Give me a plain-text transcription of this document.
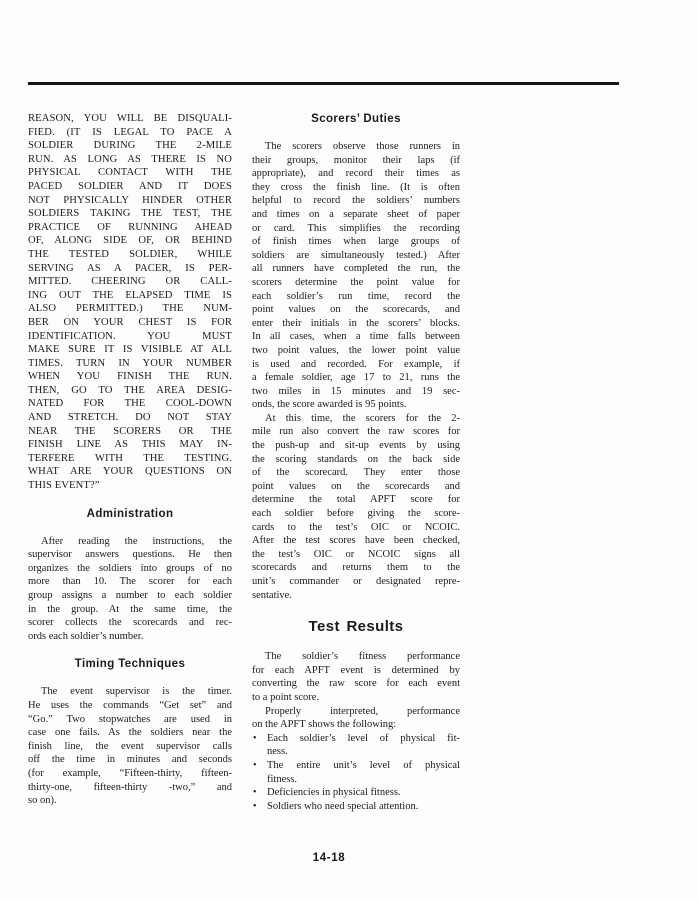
REASON, YOU WILL BE DISQUALI-
FIED. (IT IS LEGAL TO PACE A
SOLDIER DURING THE 2-MILE
RUN. AS LONG AS THERE IS NO
PHYSICAL CONTACT WITH THE
PACED SOLDIER AND IT DOES
NOT PHYSICALLY HINDER OTHER
SOLDIERS TAKING THE TEST, THE
PRACTICE OF RUNNING AHEAD
OF, ALONG SIDE OF, OR BEHIND
THE TESTED SOLDIER, WHILE
SERVING AS A PACER, IS PER-
MITTED. CHEERING OR CALL-
ING OUT THE ELAPSED TIME IS
ALSO PERMITTED.) THE NUM-
BER ON YOUR CHEST IS FOR
IDENTIFICATION. YOU MUST
MAKE SURE IT IS VISIBLE AT ALL
TIMES. TURN IN YOUR NUMBER
WHEN YOU FINISH THE RUN.
THEN, GO TO THE AREA DESIG-
NATED FOR THE COOL-DOWN
AND STRETCH. DO NOT STAY
NEAR THE SCORERS OR THE
FINISH LINE AS THIS MAY IN-
TERFERE WITH THE TESTING.
WHAT ARE YOUR QUESTIONS ON
THIS EVENT?”
Administration
After reading the instructions, the
supervisor answers questions. He then
organizes the soldiers into groups of no
more than 10. The scorer for each
group assigns a number to each soldier
in the group. At the same time, the
scorer collects the scorecards and rec-
ords each soldier’s number.
Timing Techniques
The event supervisor is the timer.
He uses the commands “Get set” and
“Go.” Two stopwatches are used in
case one fails. As the soldiers near the
finish line, the event supervisor calls
off the time in minutes and seconds
(for example, “Fifteen-thirty, fifteen-
thirty-one, fifteen-thirty -two,” and
so on).
Scorers’ Duties
The scorers observe those runners in
their groups, monitor their laps (if
appropriate), and record their times as
they cross the finish line. (It is often
helpful to record the soldiers’ numbers
and times on a separate sheet of paper
or card. This simplifies the recording
of finish times when large groups of
soldiers are simultaneously tested.) After
all runners have completed the run, the
scorers determine the point value for
each soldier’s run time, record the
point values on the scorecards, and
enter their initials in the scorers’ blocks.
In all cases, when a time falls between
two point values, the lower point value
is used and recorded. For example, if
a female soldier, age 17 to 21, runs the
two miles in 15 minutes and 19 sec-
onds, the score awarded is 95 points.
At this time, the scorers for the 2-
mile run also convert the raw scores for
the push-up and sit-up events by using
the scoring standards on the back side
of the scorecard. They enter those
point values on the scorecards and
determine the total APFT score for
each soldier before giving the score-
cards to the test’s OIC or NCOIC.
After the test scores have been checked,
the test’s OIC or NCOIC signs all
scorecards and returns them to the
unit’s commander or designated repre-
sentative.
Test Results
The soldier’s fitness performance
for each APFT event is determined by
converting the raw score for each event
to a point score.
Properly interpreted, performance
on the APFT shows the following:
• Each soldier’s level of physical fit-
ness.
• The entire unit’s level of physical
fitness.
• Deficiencies in physical fitness.
• Soldiers who need special attention.
14-18
